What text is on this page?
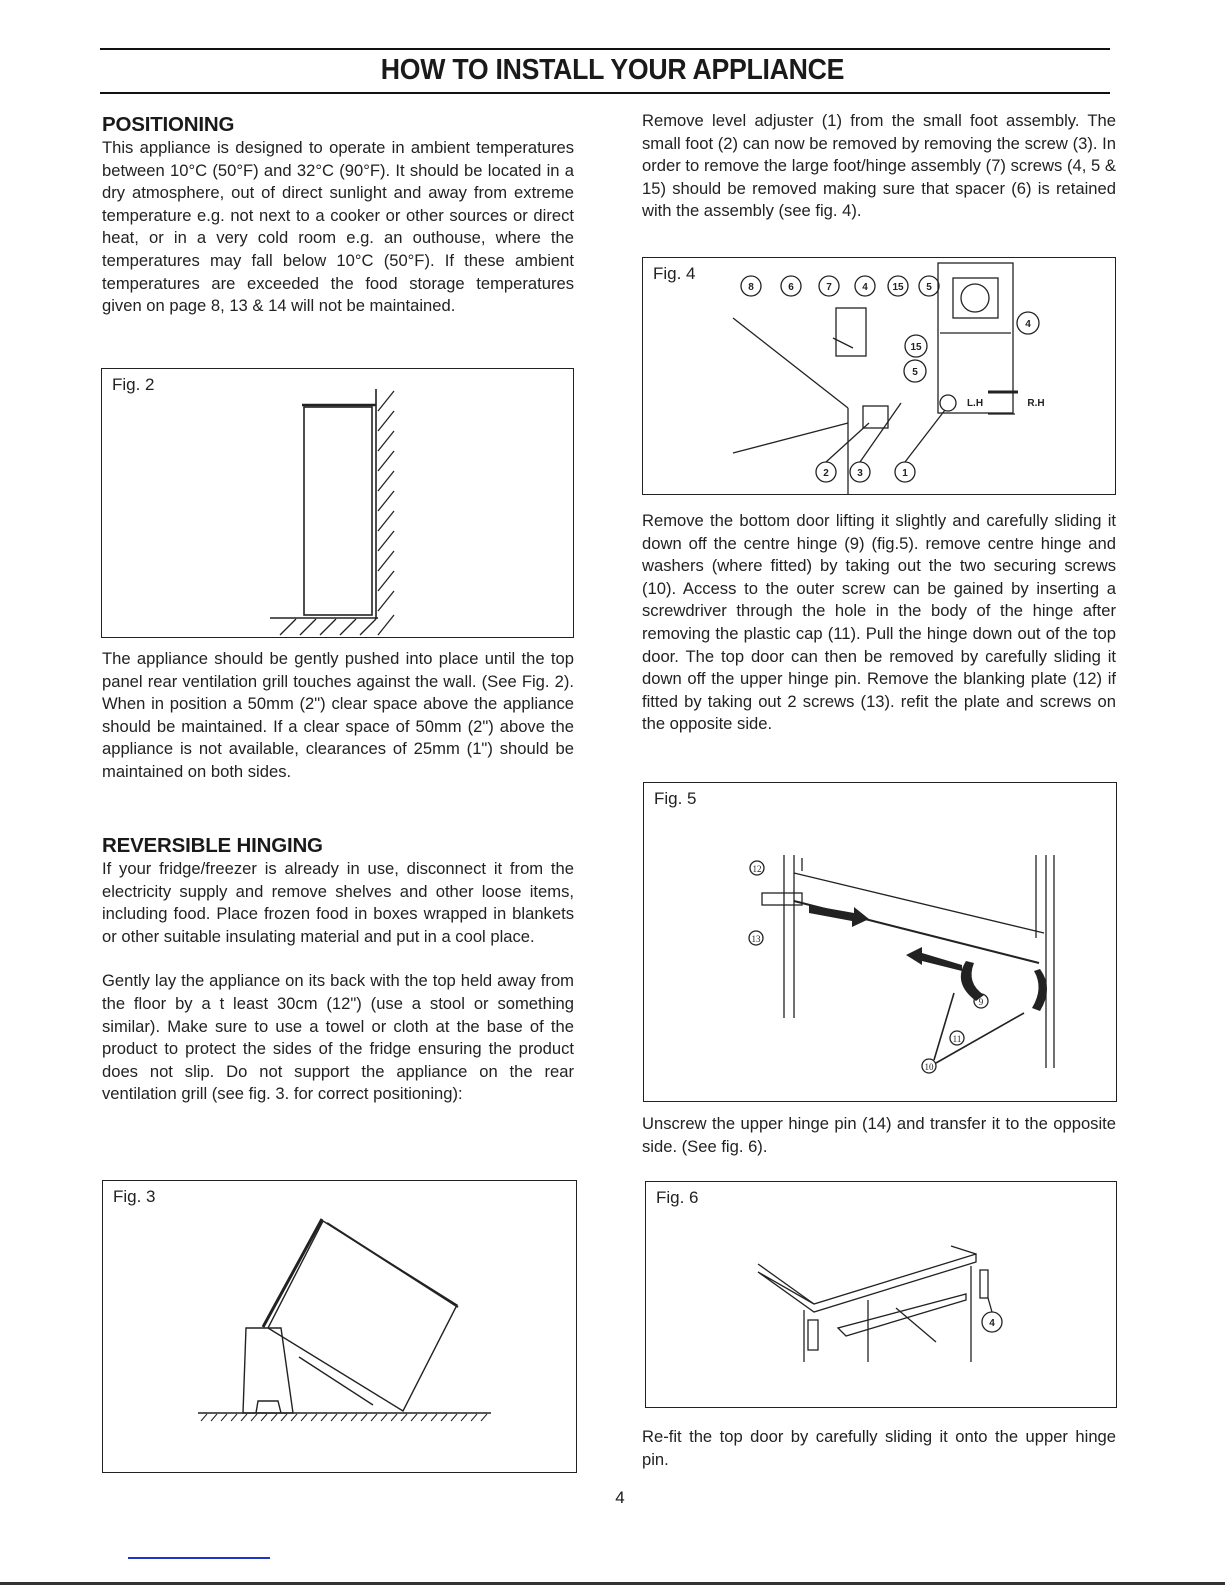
HOW TO INSTALL YOUR APPLIANCE
POSITIONING

This appliance is designed to operate in ambient temperatures between 10°C (50°F) and 32°C (90°F). It should be located in a dry atmosphere, out of direct sunlight and away from extreme temperature e.g. not next to a cooker or other sources or direct heat, or in a very cold room e.g. an outhouse, where the temperatures may fall below 10°C (50°F). If these ambient temperatures are exceeded the food storage temperatures given on page 8, 13 & 14 will not be maintained.

Fig. 2

The appliance should be gently pushed into place until the top panel rear ventilation grill touches against the wall. (See Fig. 2). When in position a 50mm (2") clear space above the appliance should be maintained. If a clear space of 50mm (2") above the appliance is not available, clearances of 25mm (1") should be maintained on both sides.

REVERSIBLE HINGING

If your fridge/freezer is already in use, disconnect it from the electricity supply and remove shelves and other loose items, including food. Place frozen food in boxes wrapped in blankets or other suitable insulating material and put in a cool place.

Gently lay the appliance on its back with the top held away from the floor by a t least 30cm (12") (use a stool or something similar). Make sure to use a towel or cloth at the base of the product to protect the sides of the fridge ensuring the product does not slip. Do not support the appliance on the rear ventilation grill (see fig. 3. for correct positioning):

Fig. 3

Remove level adjuster (1) from the small foot assembly. The small foot (2) can now be removed by removing the screw (3). In order to remove the large foot/hinge assembly (7) screws (4, 5 & 15) should be removed making sure that spacer (6) is retained with the assembly (see fig. 4).

Fig. 4
8	6	7	4 15 5
4
15
5
2	3	1
L.H	R.H

Remove the bottom door lifting it slightly and carefully sliding it down off the centre hinge (9) (fig.5). remove centre hinge and washers (where fitted) by taking out the two securing screws (10). Access to the outer screw can be gained by inserting a screwdriver through the hole in the body of the hinge after removing the plastic cap (11). Pull the hinge down out of the top door. The top door can then be removed by carefully sliding it down off the upper hinge pin. Remove the blanking plate (12) if fitted by taking out 2 screws (13). refit the plate and screws on the opposite side.

Fig. 5
12
13
9
11
10

Unscrew the upper hinge pin (14) and transfer it to the opposite side. (See fig. 6).

Fig. 6
4

Re-fit the top door by carefully sliding it onto the upper hinge pin.

4
